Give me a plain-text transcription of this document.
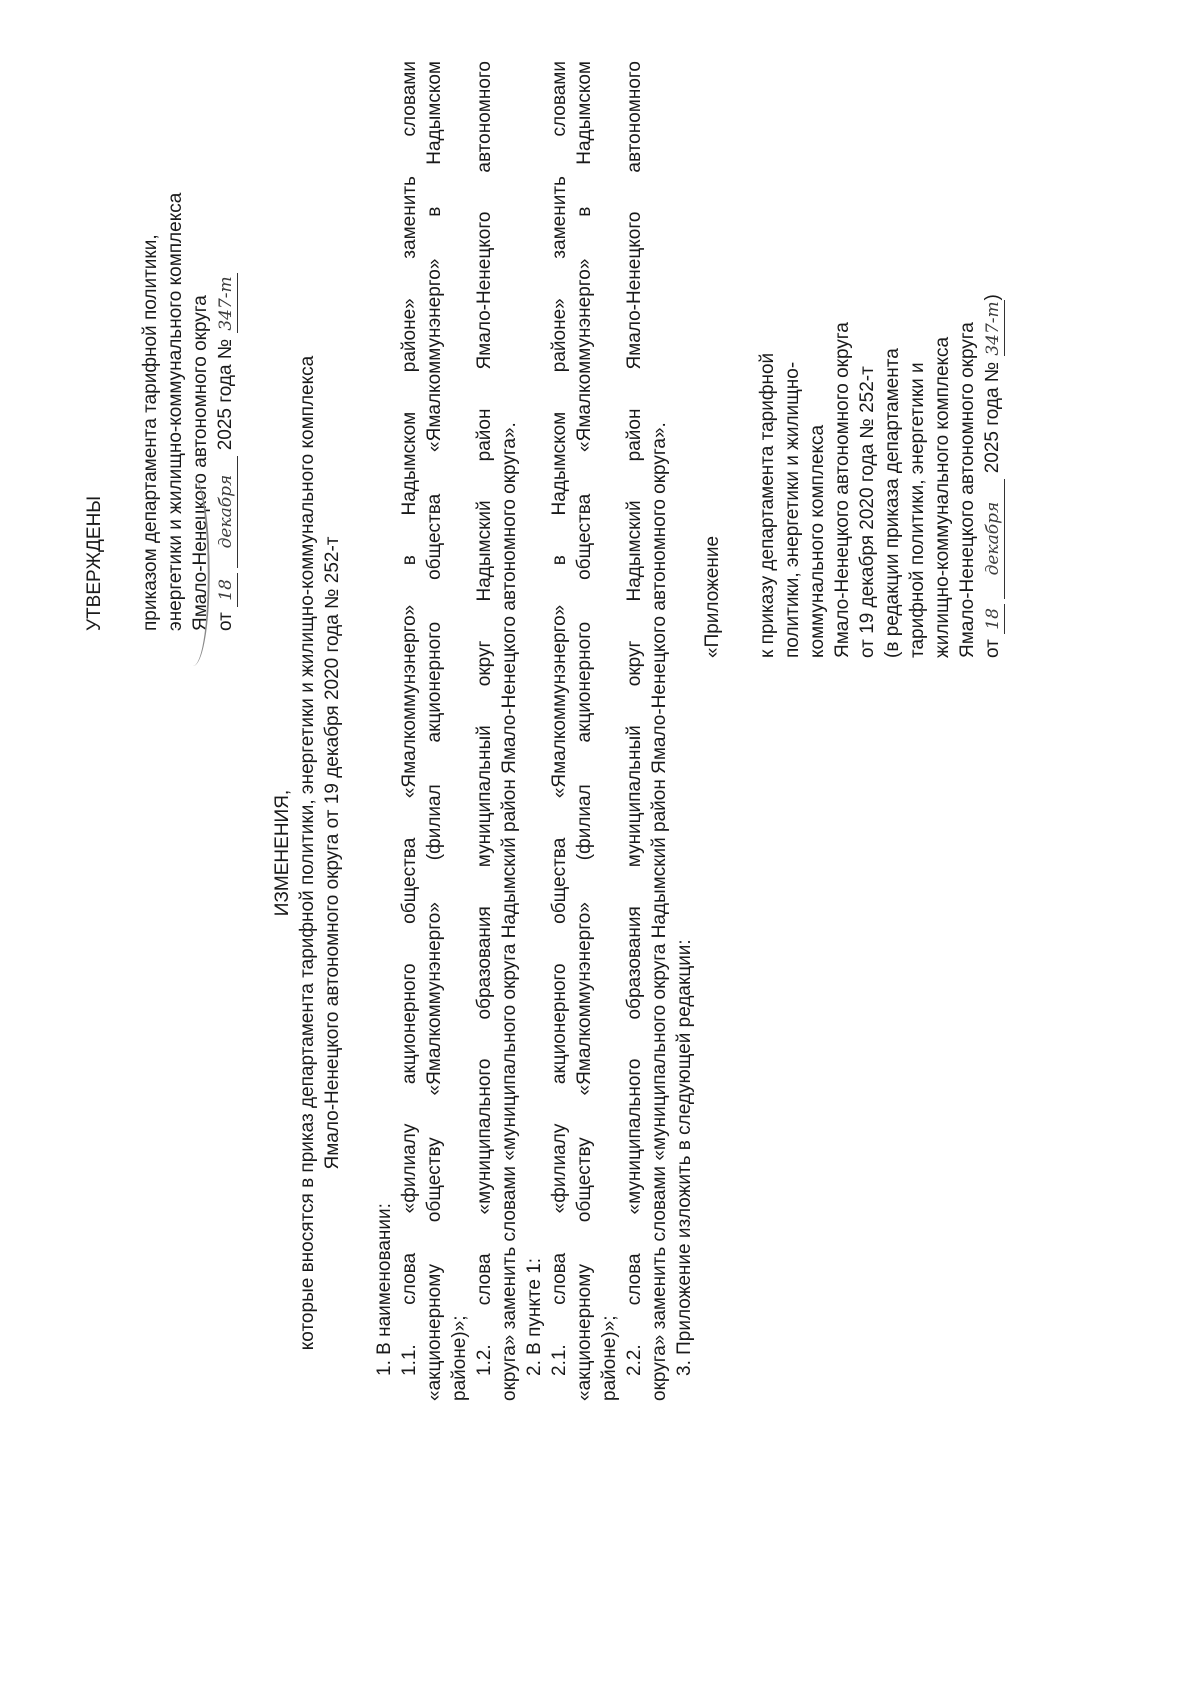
УТВЕРЖДЕНЫ приказом департамента тарифной политики, энергетики и жилищно-коммунального комплекса Ямало-Ненецкого автономного округа от 18 декабря 2025 года № 347-т
ИЗМЕНЕНИЯ, которые вносятся в приказ департамента тарифной политики, энергетики и жилищно-коммунального комплекса Ямало-Ненецкого автономного округа от 19 декабря 2020 года № 252-т
1. В наименовании: 1.1. слова «филиалу акционерного общества «Ямалкоммунэнерго» в Надымском районе» заменить словами «акционерному обществу «Ямалкоммунэнерго» (филиал акционерного общества «Ямалкоммунэнерго» в Надымском районе)»; 1.2. слова «муниципального образования муниципальный округ Надымский район Ямало-Ненецкого автономного округа» заменить словами «муниципального округа Надымский район Ямало-Ненецкого автономного округа». 2. В пункте 1: 2.1. слова «филиалу акционерного общества «Ямалкоммунэнерго» в Надымском районе» заменить словами «акционерному обществу «Ямалкоммунэнерго» (филиал акционерного общества «Ямалкоммунэнерго» в Надымском районе)»; 2.2. слова «муниципального образования муниципальный округ Надымский район Ямало-Ненецкого автономного округа» заменить словами «муниципального округа Надымский район Ямало-Ненецкого автономного округа». 3. Приложение изложить в следующей редакции:
«Приложение к приказу департамента тарифной политики, энергетики и жилищно- коммунального комплекса Ямало-Ненецкого автономного округа от 19 декабря 2020 года № 252-т (в редакции приказа департамента тарифной политики, энергетики и жилищно-коммунального комплекса Ямало-Ненецкого автономного округа от 18 декабря 2025 года № 347-т)
